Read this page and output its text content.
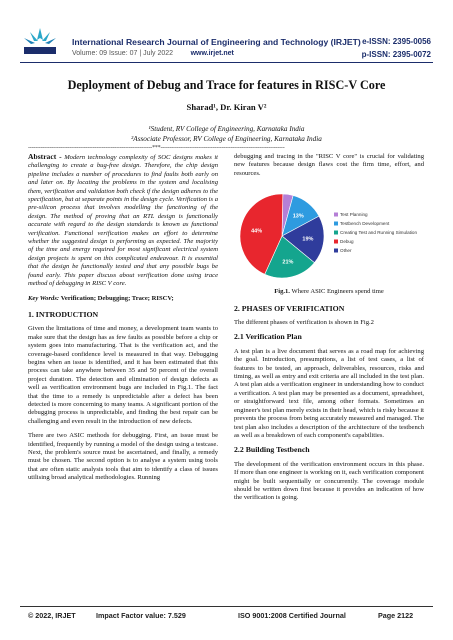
International Research Journal of Engineering and Technology (IRJET) e-ISSN: 2395-0056
Volume: 09 Issue: 07 | July 2022	www.irjet.net	p-ISSN: 2395-0072
Deployment of Debug and Trace for features in RISC-V Core
Sharad¹, Dr. Kiran V²
¹Student, RV College of Engineering, Karnataka India
²Associate Professor, RV College of Engineering, Karnataka India
---------------------------------------------------------------------***---------------------------------------------------------------------
Abstract - Modern technology complexity of SOC designs makes it challenging to create a bug-free design. Therefore, the chip design pipeline includes a number of procedures to find faults both early on and later on. By locating the problems in the system and localising them, verification and validation both check if the design adheres to the specification, but at separate points in the design cycle. Verification is a pre-silicon process that involves modelling the functioning of the design. The method of proving that an RTL design is functionally accurate with regard to the design standards is known as functional verification. Functional verification makes an effort to determine whether the suggested design is performing as expected. The majority of the time and energy required for most significant electrical system design projects is spent on this complicated endeavour. It is essential that the design be functionally tested and that any possible bugs be found early. This paper discuss about verification done using trace method of debugging in RISC V core.
Key Words: Verification; Debugging; Trace; RISCV;
1. INTRODUCTION

Given the limitations of time and money, a development team wants to make sure that the design has as few faults as possible before a chip or system goes into manufacturing. That is the verification act, and the coverage-based confidence level is measured in that way. Debugging begins when an issue is identified, and it has been estimated that this process can take anywhere between 35 and 50 percent of the overall project duration. The detection and elimination of design defects as well as verification environment bugs are included in Fig.1. The fact that the time to a remedy is unpredictable after a defect has been detected is more concerning to many teams. A significant portion of the debugging process is unpredictable, and finding the best repair can be challenging and even result in the introduction of new defects.

There are two ASIC methods for debugging. First, an issue must be identified, frequently by running a model of the design using a testcase. Next, the problem's source must be ascertained, and finally, a remedy must be chosen. The second option is to analyse a system using tools that are often static analysis tools that aim to identify a class of issues utilising broad analytical methodologies. Running

debugging and tracing in the "RISC V core" is crucial for validating new features because design flaws cost the firm time, effort, and resources.

13%
19%
21%
44%
Test Planning
Testbench Development
Creating Test and Running Simulation
Debug
Other
Fig.1. Where ASIC Engineers spend time
2. PHASES OF VERIFICATION

The different phases of verification is shown in Fig.2

2.1 Verification Plan

A test plan is a live document that serves as a road map for achieving the goal. Introduction, presumptions, a list of test cases, a list of features to be tested, an approach, deliverables, resources, risks and timing, as well as entry and exit criteria are all included in the test plan. A test plan aids a verification engineer in understanding how to conduct a verification. A test plan may be presented as a document, spreadsheet, or straightforward text file, among other formats. Sometimes an engineer's test plan merely exists in their head, which is risky because it prevents the process from being accurately measured and managed. The test plan also includes a description of the architecture of the testbench as well as a breakdown of each component's capabilities.

2.2 Building Testbench

The development of the verification environment occurs in this phase. If more than one engineer is working on it, each verification component might be built sequentially or concurrently. The coverage module should be written down first because it provides an indication of how the verification is going.

© 2022, IRJET	Impact Factor value: 7.529	ISO 9001:2008 Certified Journal	Page 2122
